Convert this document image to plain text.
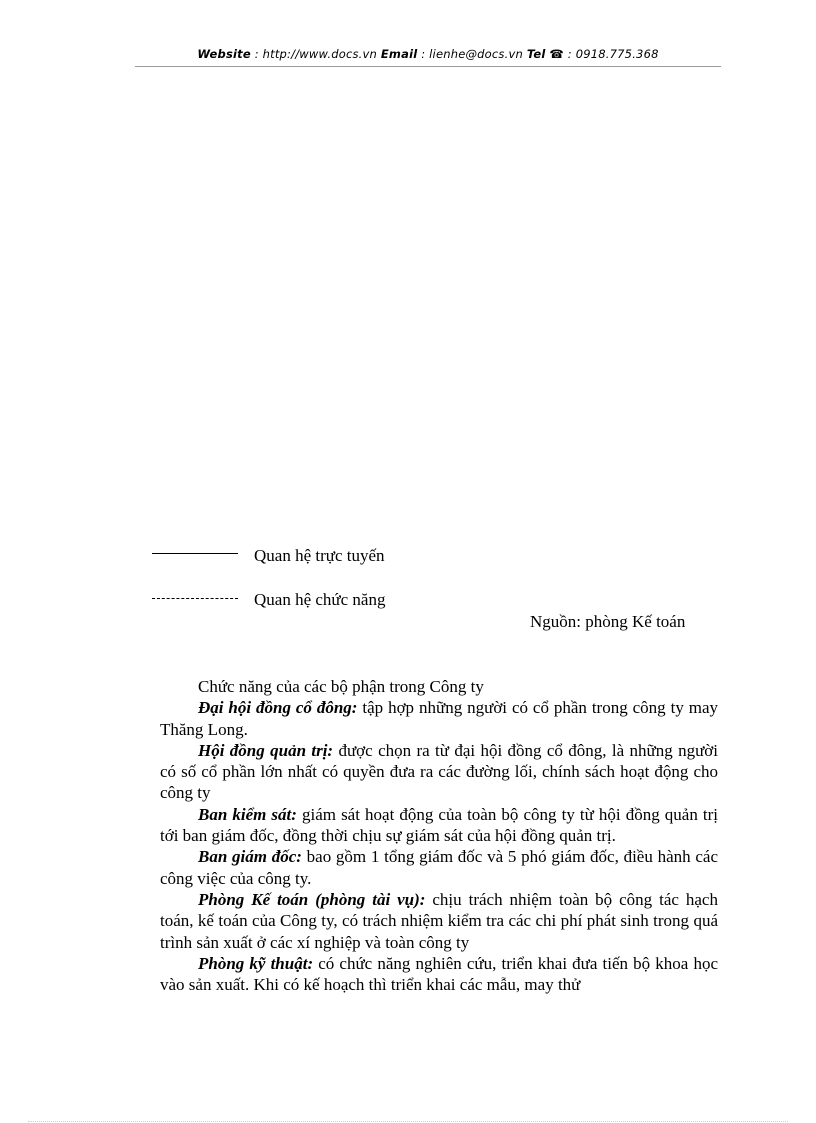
Website : http://www.docs.vn Email : lienhe@docs.vn Tel ☎ : 0918.775.368
Quan hệ trực tuyến
Quan hệ chức năng
Nguồn: phòng Kế toán

Chức năng của các bộ phận trong Công ty

Đại hội đồng cổ đông: tập hợp những người có cổ phần trong công ty may Thăng Long.

Hội đồng quản trị: được chọn ra từ đại hội đồng cổ đông, là những người có số cổ phần lớn nhất có quyền đưa ra các đường lối, chính sách hoạt động cho công ty

Ban kiểm sát: giám sát hoạt động của toàn bộ công ty từ hội đồng quản trị tới ban giám đốc, đồng thời chịu sự giám sát của hội đồng quản trị.

Ban giám đốc: bao gồm 1 tổng giám đốc và 5 phó giám đốc, điều hành các công việc của công ty.

Phòng Kế toán (phòng tài vụ): chịu trách nhiệm toàn bộ công tác hạch toán, kế toán của Công ty, có trách nhiệm kiểm tra các chi phí phát sinh trong quá trình sản xuất ở các xí nghiệp và toàn công ty

Phòng kỹ thuật: có chức năng nghiên cứu, triển khai đưa tiến bộ khoa học vào sản xuất. Khi có kế hoạch thì triển khai các mẫu, may thử
